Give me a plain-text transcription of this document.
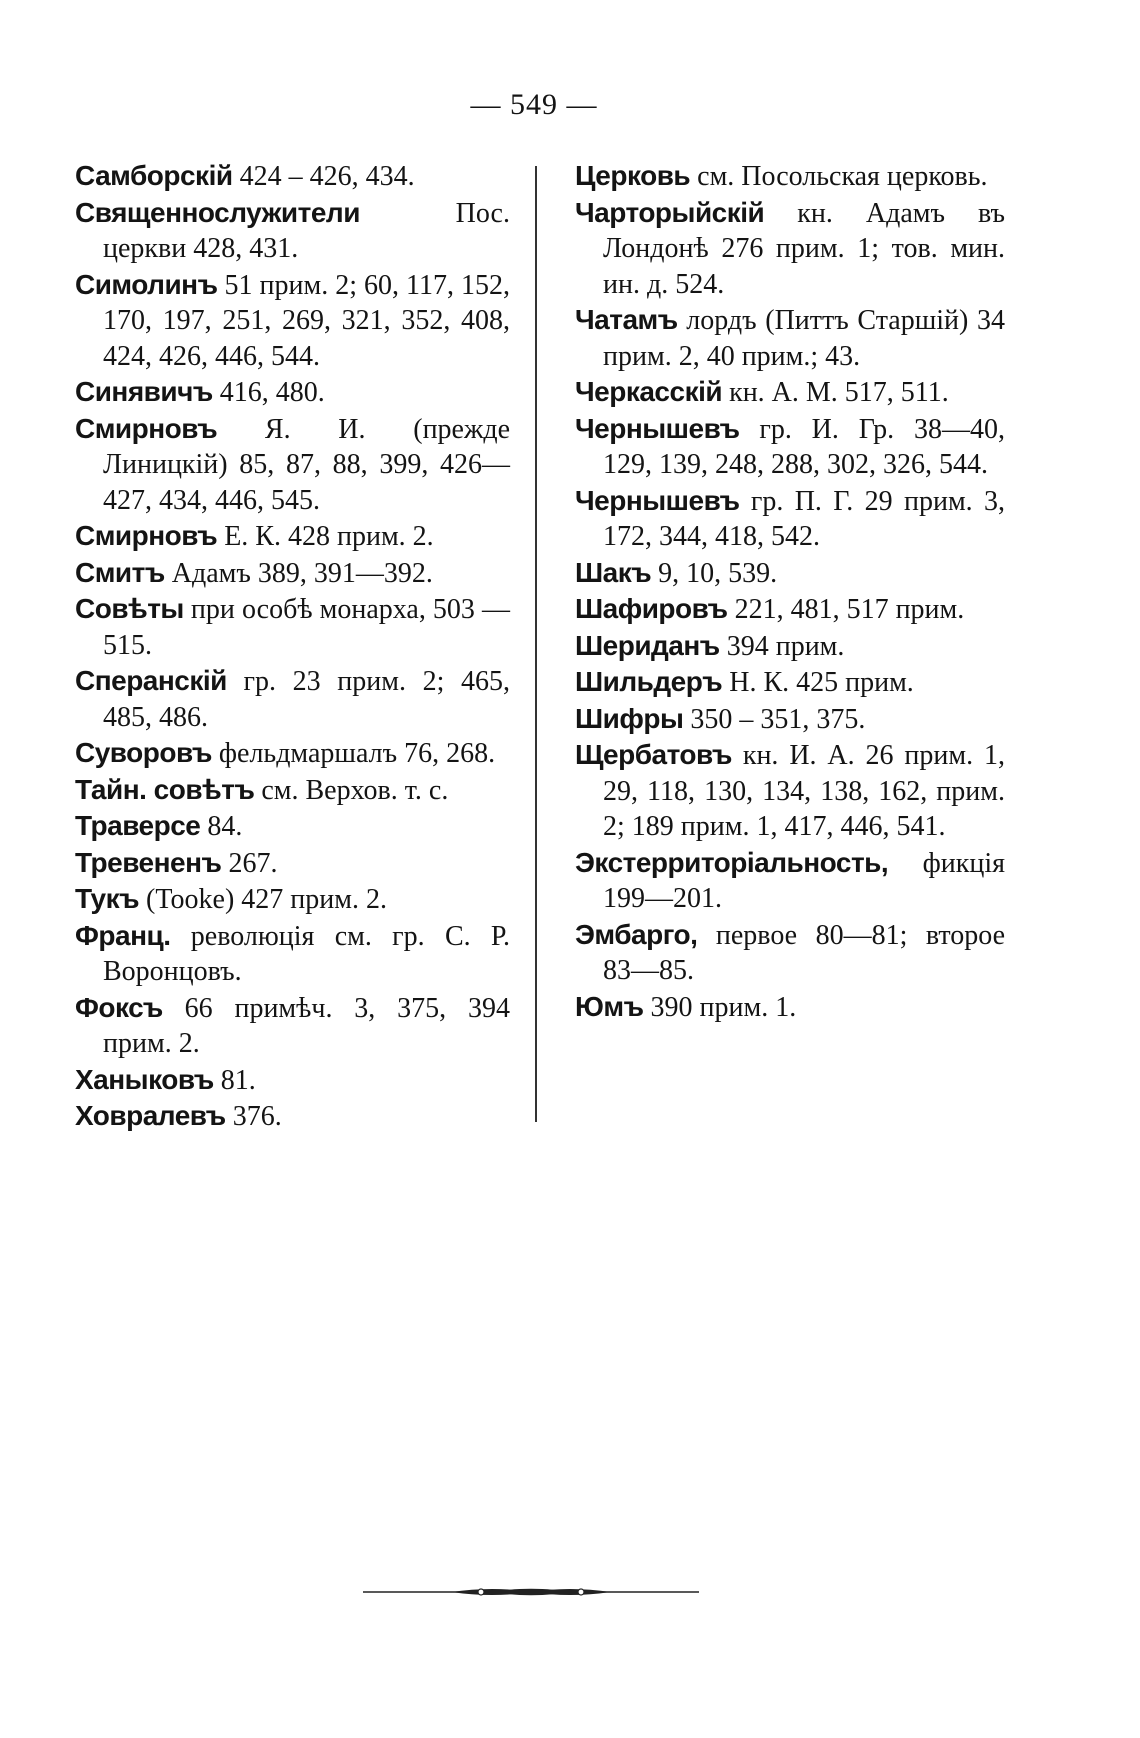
— 549 —
Самборскій 424 – 426, 434.
Священнослужители Пос. церкви 428, 431.
Симолинъ 51 прим. 2; 60, 117, 152, 170, 197, 251, 269, 321, 352, 408, 424, 426, 446, 544.
Синявичъ 416, 480.
Смирновъ Я. И. (прежде Линицкій) 85, 87, 88, 399, 426—427, 434, 446, 545.
Смирновъ Е. К. 428 прим. 2.
Смитъ Адамъ 389, 391—392.
Совѣты при особѣ монарха, 503 —515.
Сперанскій гр. 23 прим. 2; 465, 485, 486.
Суворовъ фельдмаршалъ 76, 268.
Тайн. совѣтъ см. Верхов. т. с.
Траверсе 84.
Тревененъ 267.
Тукъ (Tooke) 427 прим. 2.
Франц. революція см. гр. С. Р. Воронцовъ.
Фоксъ 66 примѣч. 3, 375, 394 прим. 2.
Ханыковъ 81.
Ховралевъ 376.
Церковь см. Посольская церковь.
Чарторыйскій кн. Адамъ въ Лондонѣ 276 прим. 1; тов. мин. ин. д. 524.
Чатамъ лордъ (Питтъ Старшій) 34 прим. 2, 40 прим.; 43.
Черкасскій кн. А. М. 517, 511.
Чернышевъ гр. И. Гр. 38—40, 129, 139, 248, 288, 302, 326, 544.
Чернышевъ гр. П. Г. 29 прим. 3, 172, 344, 418, 542.
Шакъ 9, 10, 539.
Шафировъ 221, 481, 517 прим.
Шериданъ 394 прим.
Шильдеръ Н. К. 425 прим.
Шифры 350 – 351, 375.
Щербатовъ кн. И. А. 26 прим. 1, 29, 118, 130, 134, 138, 162, прим. 2; 189 прим. 1, 417, 446, 541.
Экстерриторіальность, фикція 199—201.
Эмбарго, первое 80—81; второе 83—85.
Юмъ 390 прим. 1.
